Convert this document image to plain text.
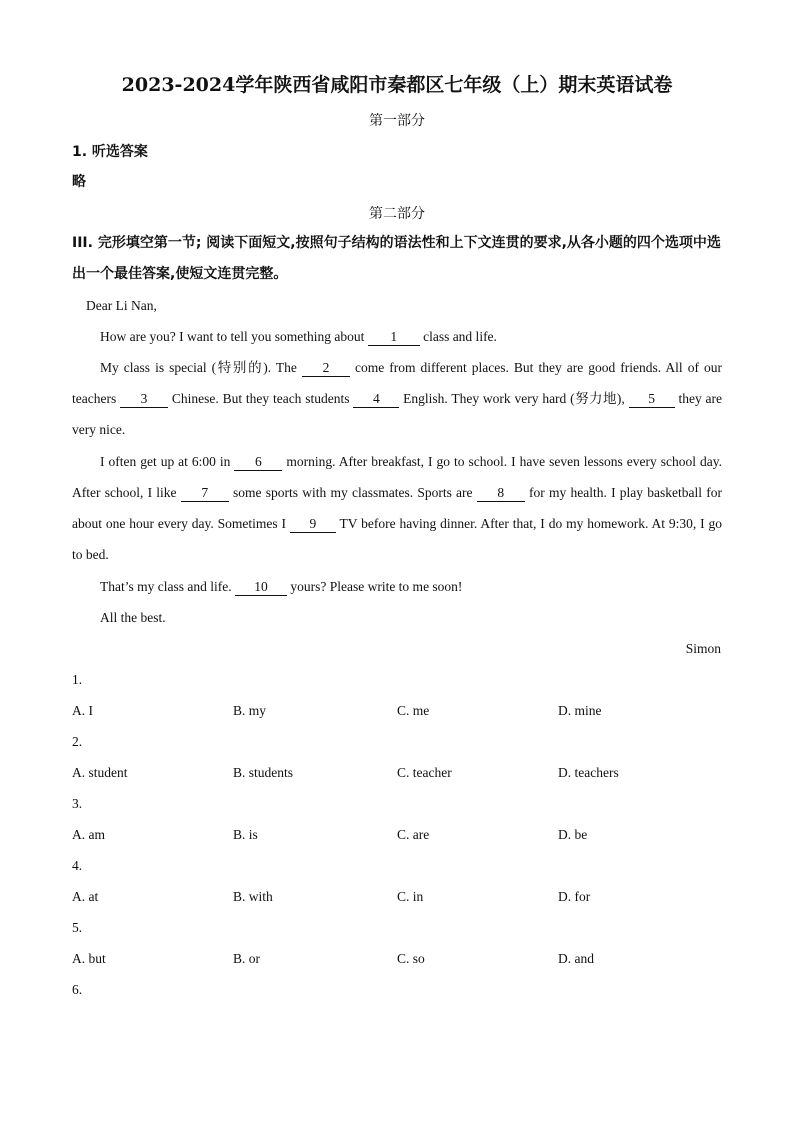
2023-2024学年陕西省咸阳市秦都区七年级（上）期末英语试卷
第一部分
1. 听选答案
略
第二部分
III. 完形填空第一节; 阅读下面短文,按照句子结构的语法性和上下文连贯的要求,从各小题的四个选项中选出一个最佳答案,使短文连贯完整。
Dear Li Nan,
How are you? I want to tell you something about 1 class and life.
My class is special (特别的). The 2 come from different places. But they are good friends. All of our teachers 3 Chinese. But they teach students 4 English. They work very hard (努力地), 5 they are very nice.
I often get up at 6:00 in 6 morning. After breakfast, I go to school. I have seven lessons every school day. After school, I like 7 some sports with my classmates. Sports are 8 for my health. I play basketball for about one hour every day. Sometimes I 9 TV before having dinner. After that, I do my homework. At 9:30, I go to bed.
That’s my class and life. 10 yours? Please write to me soon!
All the best.
Simon
1.
A. I	B. my	C. me	D. mine
2.
A. student	B. students	C. teacher	D. teachers
3.
A. am	B. is	C. are	D. be
4.
A. at	B. with	C. in	D. for
5.
A. but	B. or	C. so	D. and
6.
